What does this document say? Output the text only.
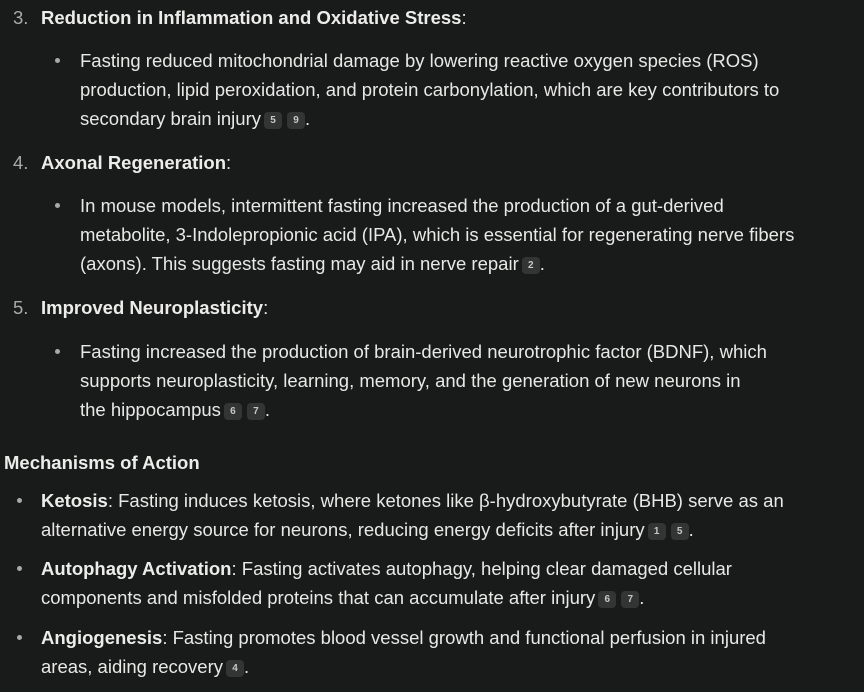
3. Reduction in Inflammation and Oxidative Stress:
Fasting reduced mitochondrial damage by lowering reactive oxygen species (ROS)
production, lipid peroxidation, and protein carbonylation, which are key contributors to
secondary brain injury 5 9 .
4. Axonal Regeneration:
In mouse models, intermittent fasting increased the production of a gut-derived
metabolite, 3-Indolepropionic acid (IPA), which is essential for regenerating nerve fibers
(axons). This suggests fasting may aid in nerve repair 2 .
5. Improved Neuroplasticity:
Fasting increased the production of brain-derived neurotrophic factor (BDNF), which
supports neuroplasticity, learning, memory, and the generation of new neurons in
the hippocampus 6 7 .
Mechanisms of Action
Ketosis: Fasting induces ketosis, where ketones like β-hydroxybutyrate (BHB) serve as an
alternative energy source for neurons, reducing energy deficits after injury 1 5 .
Autophagy Activation: Fasting activates autophagy, helping clear damaged cellular
components and misfolded proteins that can accumulate after injury 6 7 .
Angiogenesis: Fasting promotes blood vessel growth and functional perfusion in injured
areas, aiding recovery 4 .
